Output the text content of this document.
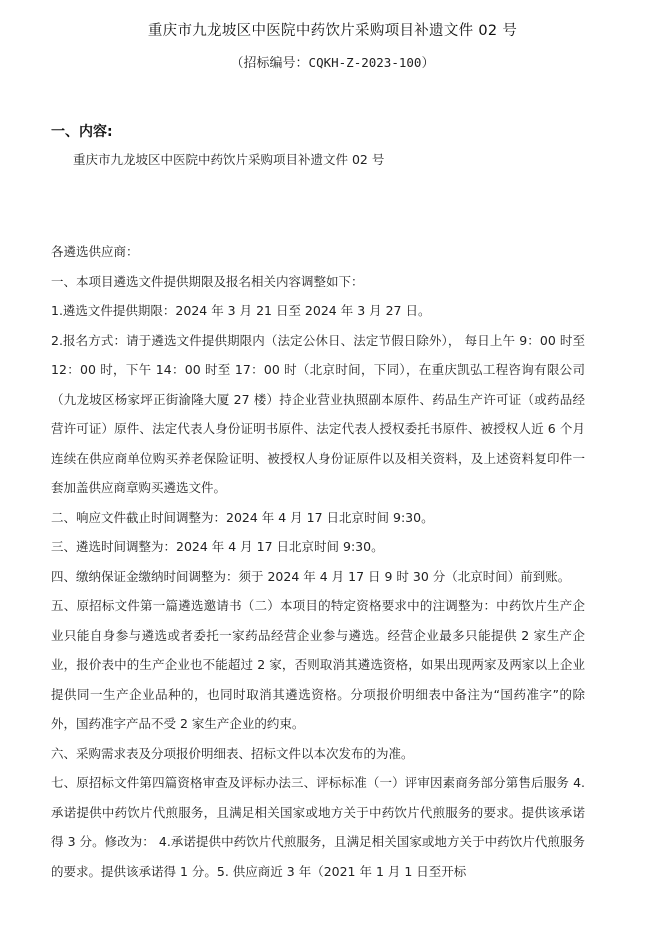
重庆市九龙坡区中医院中药饮片采购项目补遗文件 02 号
（招标编号：CQKH-Z-2023-100）
一、内容:
重庆市九龙坡区中医院中药饮片采购项目补遗文件 02 号
各遴选供应商：
一、本项目遴选文件提供期限及报名相关内容调整如下：
1.遴选文件提供期限：2024 年 3 月 21 日至 2024 年 3 月 27 日。
2.报名方式：请于遴选文件提供期限内（法定公休日、法定节假日除外）， 每日上午 9：00 时至 12：00 时，下午 14：00 时至 17：00 时（北京时间，下同），在重庆凯弘工程咨询有限公司（九龙坡区杨家坪正街渝隆大厦 27 楼）持企业营业执照副本原件、药品生产许可证（或药品经营许可证）原件、法定代表人身份证明书原件、法定代表人授权委托书原件、被授权人近 6 个月连续在供应商单位购买养老保险证明、被授权人身份证原件以及相关资料，及上述资料复印件一套加盖供应商章购买遴选文件。
二、响应文件截止时间调整为：2024 年 4 月 17 日北京时间 9:30。
三、遴选时间调整为：2024 年 4 月 17 日北京时间 9:30。
四、缴纳保证金缴纳时间调整为：须于 2024 年 4 月 17 日 9 时 30 分（北京时间）前到账。
五、原招标文件第一篇遴选邀请书（二）本项目的特定资格要求中的注调整为：中药饮片生产企业只能自身参与遴选或者委托一家药品经营企业参与遴选。经营企业最多只能提供 2 家生产企业，报价表中的生产企业也不能超过 2 家，否则取消其遴选资格，如果出现两家及两家以上企业提供同一生产企业品种的，也同时取消其遴选资格。分项报价明细表中备注为“国药准字”的除外，国药准字产品不受 2 家生产企业的约束。
六、采购需求表及分项报价明细表、招标文件以本次发布的为准。
七、原招标文件第四篇资格审查及评标办法三、评标标准（一）评审因素商务部分第售后服务 4.承诺提供中药饮片代煎服务，且满足相关国家或地方关于中药饮片代煎服务的要求。提供该承诺得 3 分。修改为： 4.承诺提供中药饮片代煎服务，且满足相关国家或地方关于中药饮片代煎服务的要求。提供该承诺得 1 分。5. 供应商近 3 年（2021 年 1 月 1 日至开标
